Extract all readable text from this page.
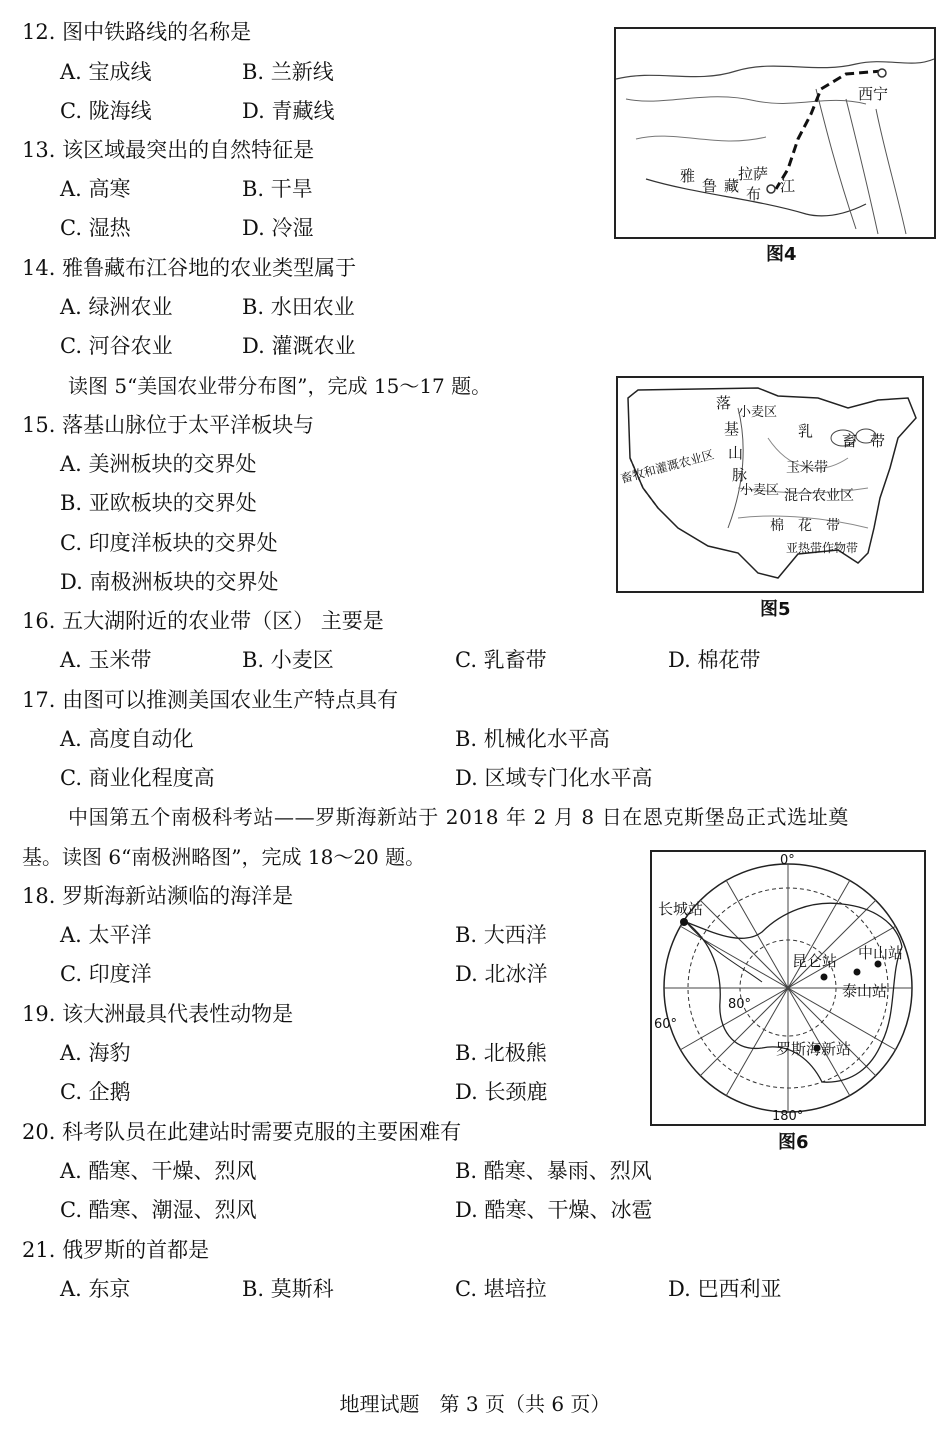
12. 图中铁路线的名称是
A. 宝成线	B. 兰新线
C. 陇海线	D. 青藏线
13. 该区域最突出的自然特征是
A. 高寒	B. 干旱
C. 湿热	D. 冷湿
14. 雅鲁藏布江谷地的农业类型属于
A. 绿洲农业	B. 水田农业
C. 河谷农业	D. 灌溉农业
读图 5“美国农业带分布图”，完成 15～17 题。
15. 落基山脉位于太平洋板块与
A. 美洲板块的交界处
B. 亚欧板块的交界处
C. 印度洋板块的交界处
D. 南极洲板块的交界处
16. 五大湖附近的农业带（区） 主要是
A. 玉米带	B. 小麦区	C. 乳畜带	D. 棉花带
17. 由图可以推测美国农业生产特点具有
A. 高度自动化	B. 机械化水平高
C. 商业化程度高	D. 区域专门化水平高
中国第五个南极科考站——罗斯海新站于 2018 年 2 月 8 日在恩克斯堡岛正式选址奠
基。读图 6“南极洲略图”，完成 18～20 题。
18. 罗斯海新站濒临的海洋是
A. 太平洋	B. 大西洋
C. 印度洋	D. 北冰洋
19. 该大洲最具代表性动物是
A. 海豹	B. 北极熊
C. 企鹅	D. 长颈鹿
20. 科考队员在此建站时需要克服的主要困难有
A. 酷寒、干燥、烈风	B. 酷寒、暴雨、烈风
C. 酷寒、潮湿、烈风	D. 酷寒、干燥、冰雹
21. 俄罗斯的首都是
A. 东京	B. 莫斯科	C. 堪培拉	D. 巴西利亚
西宁
拉萨
雅
鲁 藏 布 江
图4
落
基
山
脉
小麦区
乳
畜 带
玉米带
畜牧和灌溉农业区
小麦区 混合农业区
棉　花　带
亚热带作物带
图5
0°
180°
60°
80°
长城站
昆仑站 中山站
泰山站
罗斯海新站
图6
地理试题　第 3 页（共 6 页）
